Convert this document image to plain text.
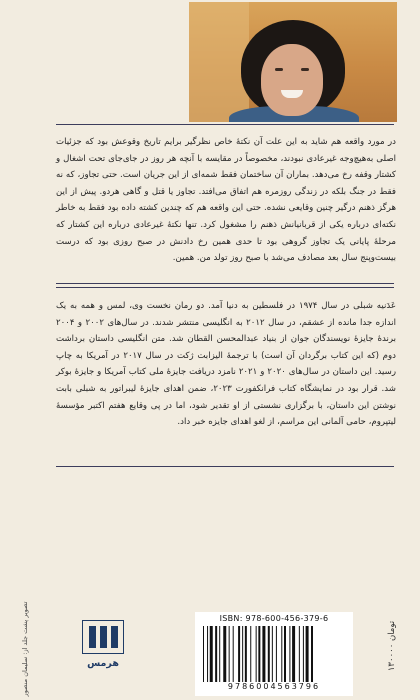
در مورد واقعه هم شاید به این علت آن نکتهٔ خاص نظرگیر برایم تاریخ وقوعش بود که جزئیات اصلی به‌هیچ‌وجه غیرعادی نبودند، مخصوصاً در مقایسه با آنچه هر روز در جای‌جای تحت اشغال و کشتار وقفه رخ می‌دهد. بماران آن ساختمان فقط شمه‌ای از این جریان است. حتی تجاوز، که نه فقط در جنگ بلکه در زندگی روزمره هم اتفاق می‌افتد. تجاوز یا قتل و گاهی هردو. پیش از این هرگز ذهنم درگیر چنین وقایعی نشده. حتی این واقعه هم که چندین کشته داده بود فقط به خاطر نکته‌ای درباره یکی از قربانیانش ذهنم را مشغول کرد. تنها نکتهٔ غیرعادی درباره این کشتار که مرحلهٔ پایانی یک تجاوز گروهی بود تا حدی همین رخ دادنش در صبح روزی بود که درست بیست‌وپنج سال بعد مصادف می‌شد با صبح روز تولد من. همین.
عَدَنیه شبلی در سال ۱۹۷۴ در فلسطین به دنیا آمد. دو رمان نخست وی، لمس و همه به یک اندازه جدا مانده از عشقم، در سال ۲۰۱۲ به انگلیسی منتشر شدند. در سال‌های ۲۰۰۲ و ۲۰۰۴ برندهٔ جایزهٔ نویسندگان جوان از بنیاد عبدالمحسن القطان شد. متن انگلیسی داستان برداشت دوم (که این کتاب برگردان آن است) با ترجمهٔ الیزابت ژکت در سال ۲۰۱۷ در آمریکا به چاپ رسید. این داستان در سال‌های ۲۰۲۰ و ۲۰۲۱ نامزد دریافت جایزهٔ ملی کتاب آمریکا و جایزهٔ بوکر شد. قرار بود در نمایشگاه کتاب فرانکفورت ۲۰۲۳، ضمن اهدای جایزهٔ لیبراتور به شبلی بابت نوشتن این داستان، با برگزاری نشستی از او تقدیر شود، اما در پی وقایع هفتم اکتبر مؤسسهٔ لیتپروم، حامی آلمانی این مراسم، از لغو اهدای جایزه خبر داد.
تصویر پشت جلد از: سلیمان منصور	هرمس
ISBN: 978-600-456-379-6
9786004563796
۱۳۰۰۰۰ تومان
